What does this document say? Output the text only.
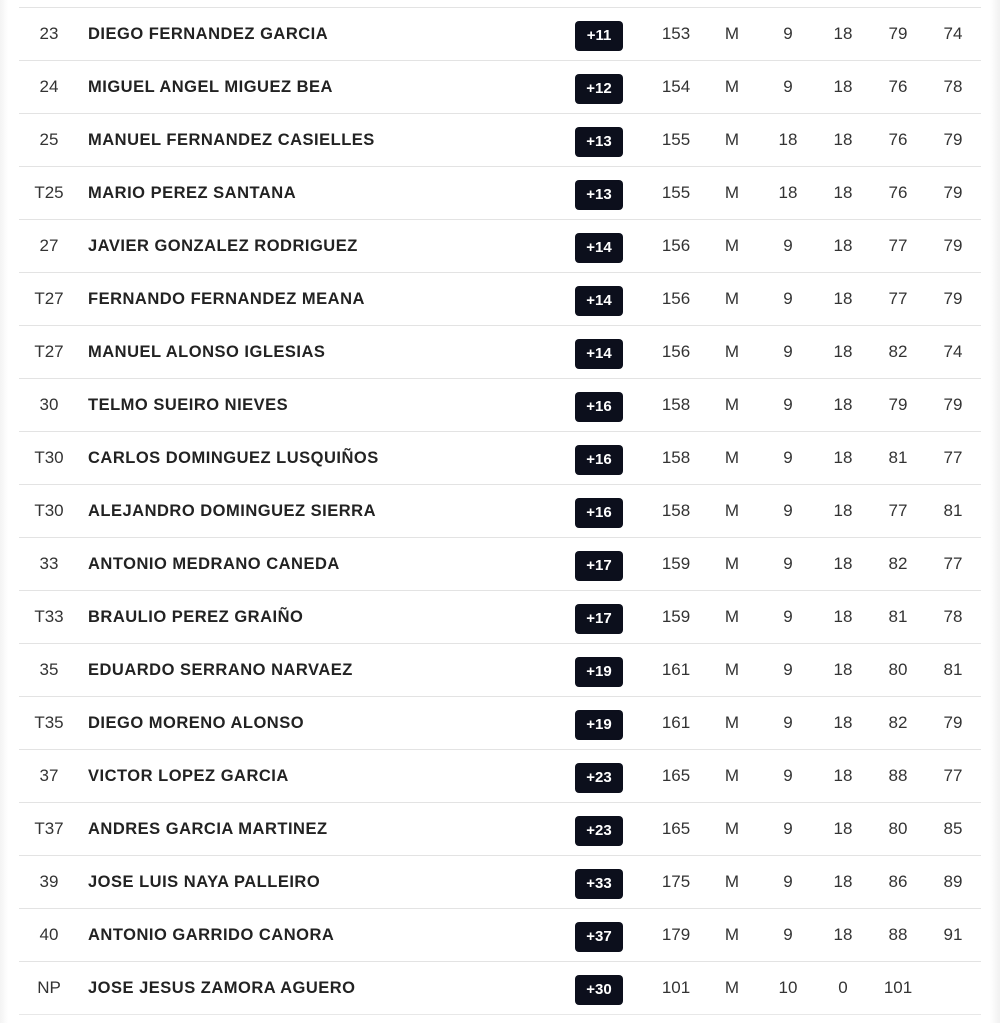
23	DIEGO FERNANDEZ GARCIA	+11	153	M	9	18	79	74
24	MIGUEL ANGEL MIGUEZ BEA	+12	154	M	9	18	76	78
25	MANUEL FERNANDEZ CASIELLES	+13	155	M	18	18	76	79
T25	MARIO PEREZ SANTANA	+13	155	M	18	18	76	79
27	JAVIER GONZALEZ RODRIGUEZ	+14	156	M	9	18	77	79
T27	FERNANDO FERNANDEZ MEANA	+14	156	M	9	18	77	79
T27	MANUEL ALONSO IGLESIAS	+14	156	M	9	18	82	74
30	TELMO SUEIRO NIEVES	+16	158	M	9	18	79	79
T30	CARLOS DOMINGUEZ LUSQUIÑOS	+16	158	M	9	18	81	77
T30	ALEJANDRO DOMINGUEZ SIERRA	+16	158	M	9	18	77	81
33	ANTONIO MEDRANO CANEDA	+17	159	M	9	18	82	77
T33	BRAULIO PEREZ GRAIÑO	+17	159	M	9	18	81	78
35	EDUARDO SERRANO NARVAEZ	+19	161	M	9	18	80	81
T35	DIEGO MORENO ALONSO	+19	161	M	9	18	82	79
37	VICTOR LOPEZ GARCIA	+23	165	M	9	18	88	77
T37	ANDRES GARCIA MARTINEZ	+23	165	M	9	18	80	85
39	JOSE LUIS NAYA PALLEIRO	+33	175	M	9	18	86	89
40	ANTONIO GARRIDO CANORA	+37	179	M	9	18	88	91
NP	JOSE JESUS ZAMORA AGUERO	+30	101	M	10	0	101
